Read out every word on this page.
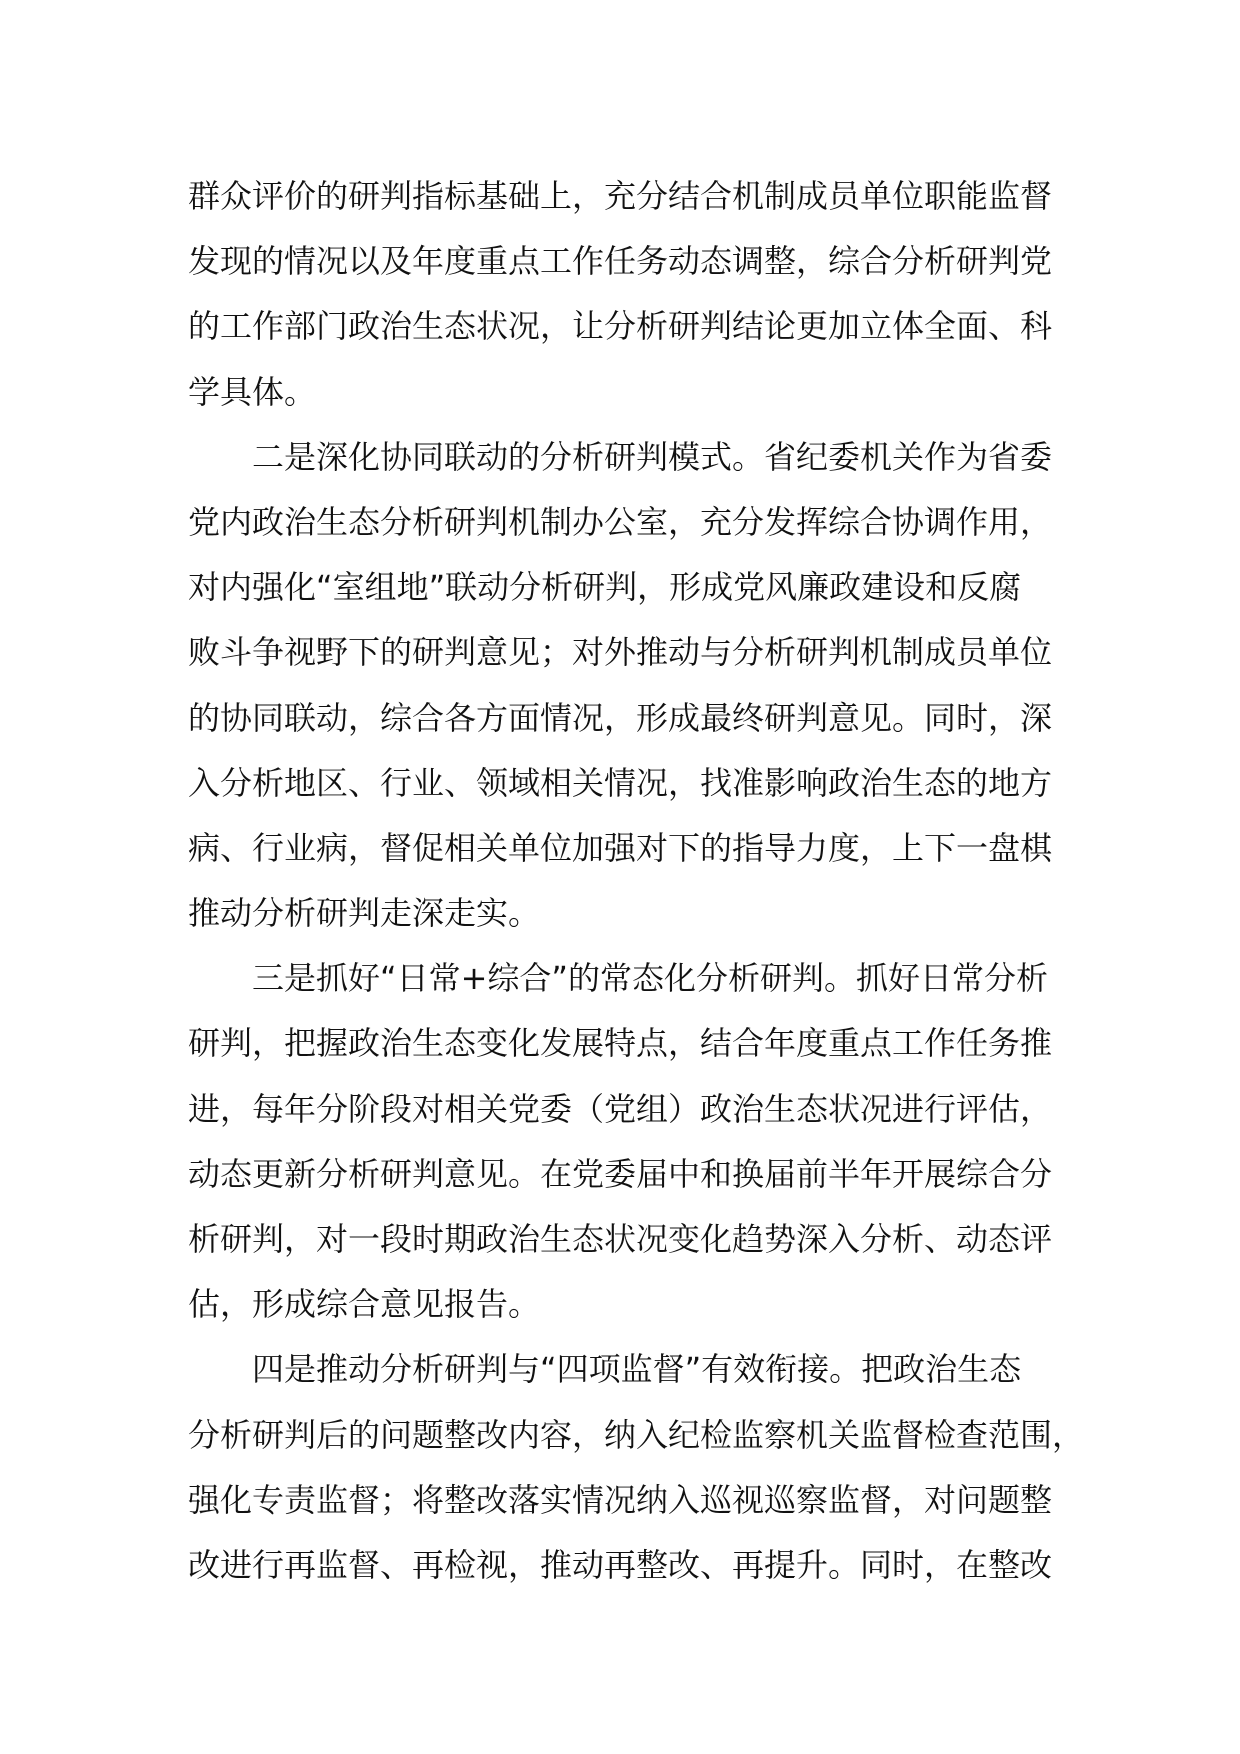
群众评价的研判指标基础上，充分结合机制成员单位职能监督
发现的情况以及年度重点工作任务动态调整，综合分析研判党
的工作部门政治生态状况，让分析研判结论更加立体全面、科
学具体。
二是深化协同联动的分析研判模式。省纪委机关作为省委
党内政治生态分析研判机制办公室，充分发挥综合协调作用，
对内强化“室组地”联动分析研判，形成党风廉政建设和反腐
败斗争视野下的研判意见；对外推动与分析研判机制成员单位
的协同联动，综合各方面情况，形成最终研判意见。同时，深
入分析地区、行业、领域相关情况，找准影响政治生态的地方
病、行业病，督促相关单位加强对下的指导力度，上下一盘棋
推动分析研判走深走实。
三是抓好“日常+综合”的常态化分析研判。抓好日常分析
研判，把握政治生态变化发展特点，结合年度重点工作任务推
进，每年分阶段对相关党委（党组）政治生态状况进行评估，
动态更新分析研判意见。在党委届中和换届前半年开展综合分
析研判，对一段时期政治生态状况变化趋势深入分析、动态评
估，形成综合意见报告。
四是推动分析研判与“四项监督”有效衔接。把政治生态
分析研判后的问题整改内容，纳入纪检监察机关监督检查范围，
强化专责监督；将整改落实情况纳入巡视巡察监督，对问题整
改进行再监督、再检视，推动再整改、再提升。同时，在整改
